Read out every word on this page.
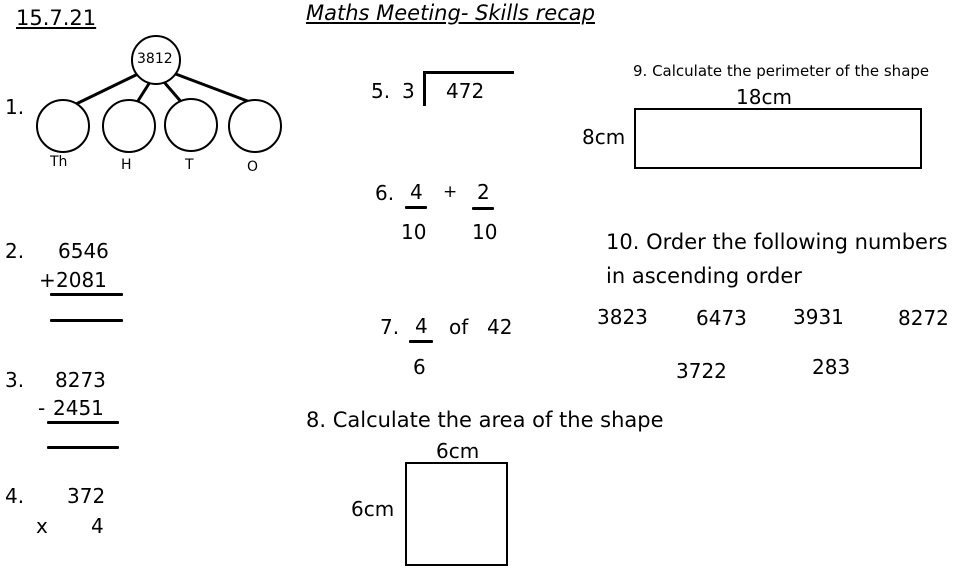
15.7.21	Maths Meeting- Skills recap
1.
3812
Th	H	T	O
2. 6546
+ 2081
3. 8273
- 2451
4. 372
x 4
5. 3 472
6. 4
10
+ 2
10
7. 4
6
of 42
8. Calculate the area of the shape
6cm
6cm
9. Calculate the perimeter of the shape
18cm
8cm
10. Order the following numbers
in ascending order
3823 6473 3931	8272
3722	283
